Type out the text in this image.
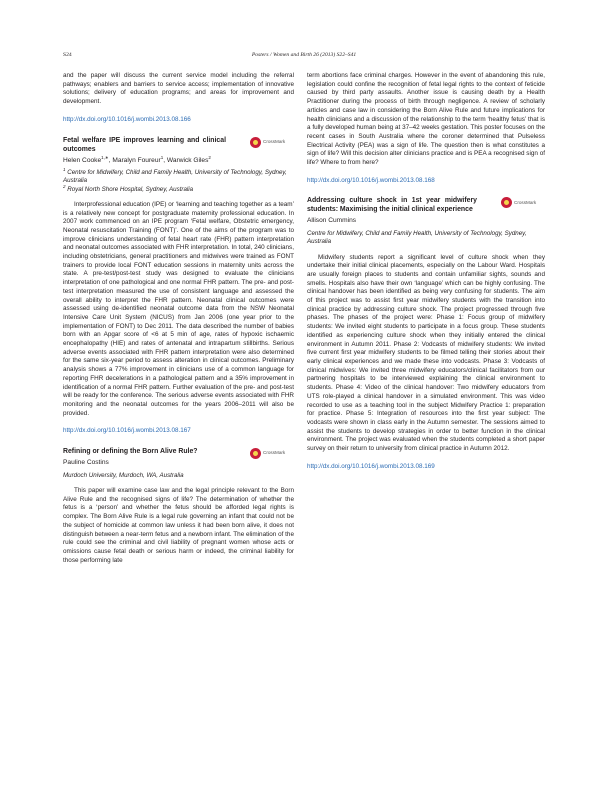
S24	Posters / Women and Birth 26 (2013) S22–S41

and the paper will discuss the current service model including the referral pathways; enablers and barriers to service access; implementation of innovative solutions; delivery of education programs; and areas for improvement and development.

http://dx.doi.org/10.1016/j.wombi.2013.08.166
CrossMark
Fetal welfare IPE improves learning and clinical outcomes
Helen Cooke$^{1,∗}$, Maralyn Foureur$^1$, Warwick Giles$^2$
$^1$ Centre for Midwifery, Child and Family Health, University of Technology, Sydney, Australia
$^2$ Royal North Shore Hospital, Sydney, Australia

Interprofessional education (IPE) or ‘learning and teaching together as a team’ is a relatively new concept for postgraduate maternity professional education. In 2007 work commenced on an IPE program ‘Fetal welfare, Obstetric emergency, Neonatal resuscitation Training (FONT)’. One of the aims of the program was to improve clinicians understanding of fetal heart rate (FHR) pattern interpretation and neonatal outcomes associated with FHR interpretation. In total, 240 clinicians, including obstetricians, general practitioners and midwives were trained as FONT trainers to provide local FONT education sessions in maternity units across the state. A pre-test/post-test study was designed to evaluate the clinicians interpretation of one pathological and one normal FHR pattern. The pre- and post-test interpretation measured the use of consistent language and assessed the overall ability to interpret the FHR pattern. Neonatal clinical outcomes were assessed using de-identified neonatal outcome data from the NSW Neonatal Intensive Care Unit System (NICUS) from Jan 2006 (one year prior to the implementation of FONT) to Dec 2011. The data described the number of babies born with an Apgar score of <6 at 5 min of age, rates of hypoxic ischaemic encephalopathy (HIE) and rates of antenatal and intrapartum stillbirths. Serious adverse events associated with FHR pattern interpretation were also determined for the same six-year period to assess alteration in clinical outcomes. Preliminary analysis shows a 77% improvement in clinicians use of a common language for reporting FHR decelerations in a pathological pattern and a 35% improvement in identification of a normal FHR pattern. Further evaluation of the pre- and post-test will be ready for the conference. The serious adverse events associated with FHR monitoring and the neonatal outcomes for the years 2006–2011 will also be provided.

http://dx.doi.org/10.1016/j.wombi.2013.08.167
CrossMark
Refining or defining the Born Alive Rule?
Pauline Costins
Murdoch University, Murdoch, WA, Australia

This paper will examine case law and the legal principle relevant to the Born Alive Rule and the recognised signs of life? The determination of whether the fetus is a ‘person’ and whether the fetus should be afforded legal rights is complex. The Born Alive Rule is a legal rule governing an infant that could not be the subject of homicide at common law unless it had been born alive, it does not distinguish between a near-term fetus and a newborn infant. The elimination of the rule could see the criminal and civil liability of pregnant women whose acts or omissions cause fetal death or serious harm or indeed, the criminal liability for those performing late

term abortions face criminal charges. However in the event of abandoning this rule, legislation could confine the recognition of fetal legal rights to the context of feticide caused by third party assaults. Another issue is causing death by a Health Practitioner during the process of birth through negligence. A review of scholarly articles and case law in considering the Born Alive Rule and future implications for health clinicians and a discussion of the relationship to the term ‘healthy fetus’ that is a fully developed human being at 37–42 weeks gestation. This poster focuses on the recent cases in South Australia where the coroner determined that Pulseless Electrical Activity (PEA) was a sign of life. The question then is what constitutes a sign of life? Will this decision alter clinicians practice and is PEA a recognised sign of life? Where to from here?

http://dx.doi.org/10.1016/j.wombi.2013.08.168
CrossMark
Addressing culture shock in 1st year midwifery students: Maximising the initial clinical experience
Allison Cummins
Centre for Midwifery, Child and Family Health, University of Technology, Sydney, Australia

Midwifery students report a significant level of culture shock when they undertake their initial clinical placements, especially on the Labour Ward. Hospitals are usually foreign places to students and contain unfamiliar sights, sounds and smells. Hospitals also have their own ‘language’ which can be highly confusing. The clinical handover has been identified as being very confusing for students. The aim of this project was to assist first year midwifery students with the transition into clinical practice by addressing culture shock. The project progressed through five phases. The phases of the project were: Phase 1: Focus group of midwifery students: We invited eight students to participate in a focus group. These students identified as experiencing culture shock when they initially entered the clinical environment in Autumn 2011. Phase 2: Vodcasts of midwifery students: We invited five current first year midwifery students to be filmed telling their stories about their early clinical experiences and we made these into vodcasts. Phase 3: Vodcasts of clinical midwives: We invited three midwifery educators/clinical facilitators from our partnering hospitals to be interviewed explaining the clinical environment to students. Phase 4: Video of the clinical handover: Two midwifery educators from UTS role-played a clinical handover in a simulated environment. This was video recorded to use as a teaching tool in the subject Midwifery Practice 1: preparation for practice. Phase 5: Integration of resources into the first year subject: The vodcasts were shown in class early in the Autumn semester. The sessions aimed to assist the students to develop strategies in order to better function in the clinical environment. The project was evaluated when the students completed a short paper survey on their return to university from clinical practice in Autumn 2012.

http://dx.doi.org/10.1016/j.wombi.2013.08.169
